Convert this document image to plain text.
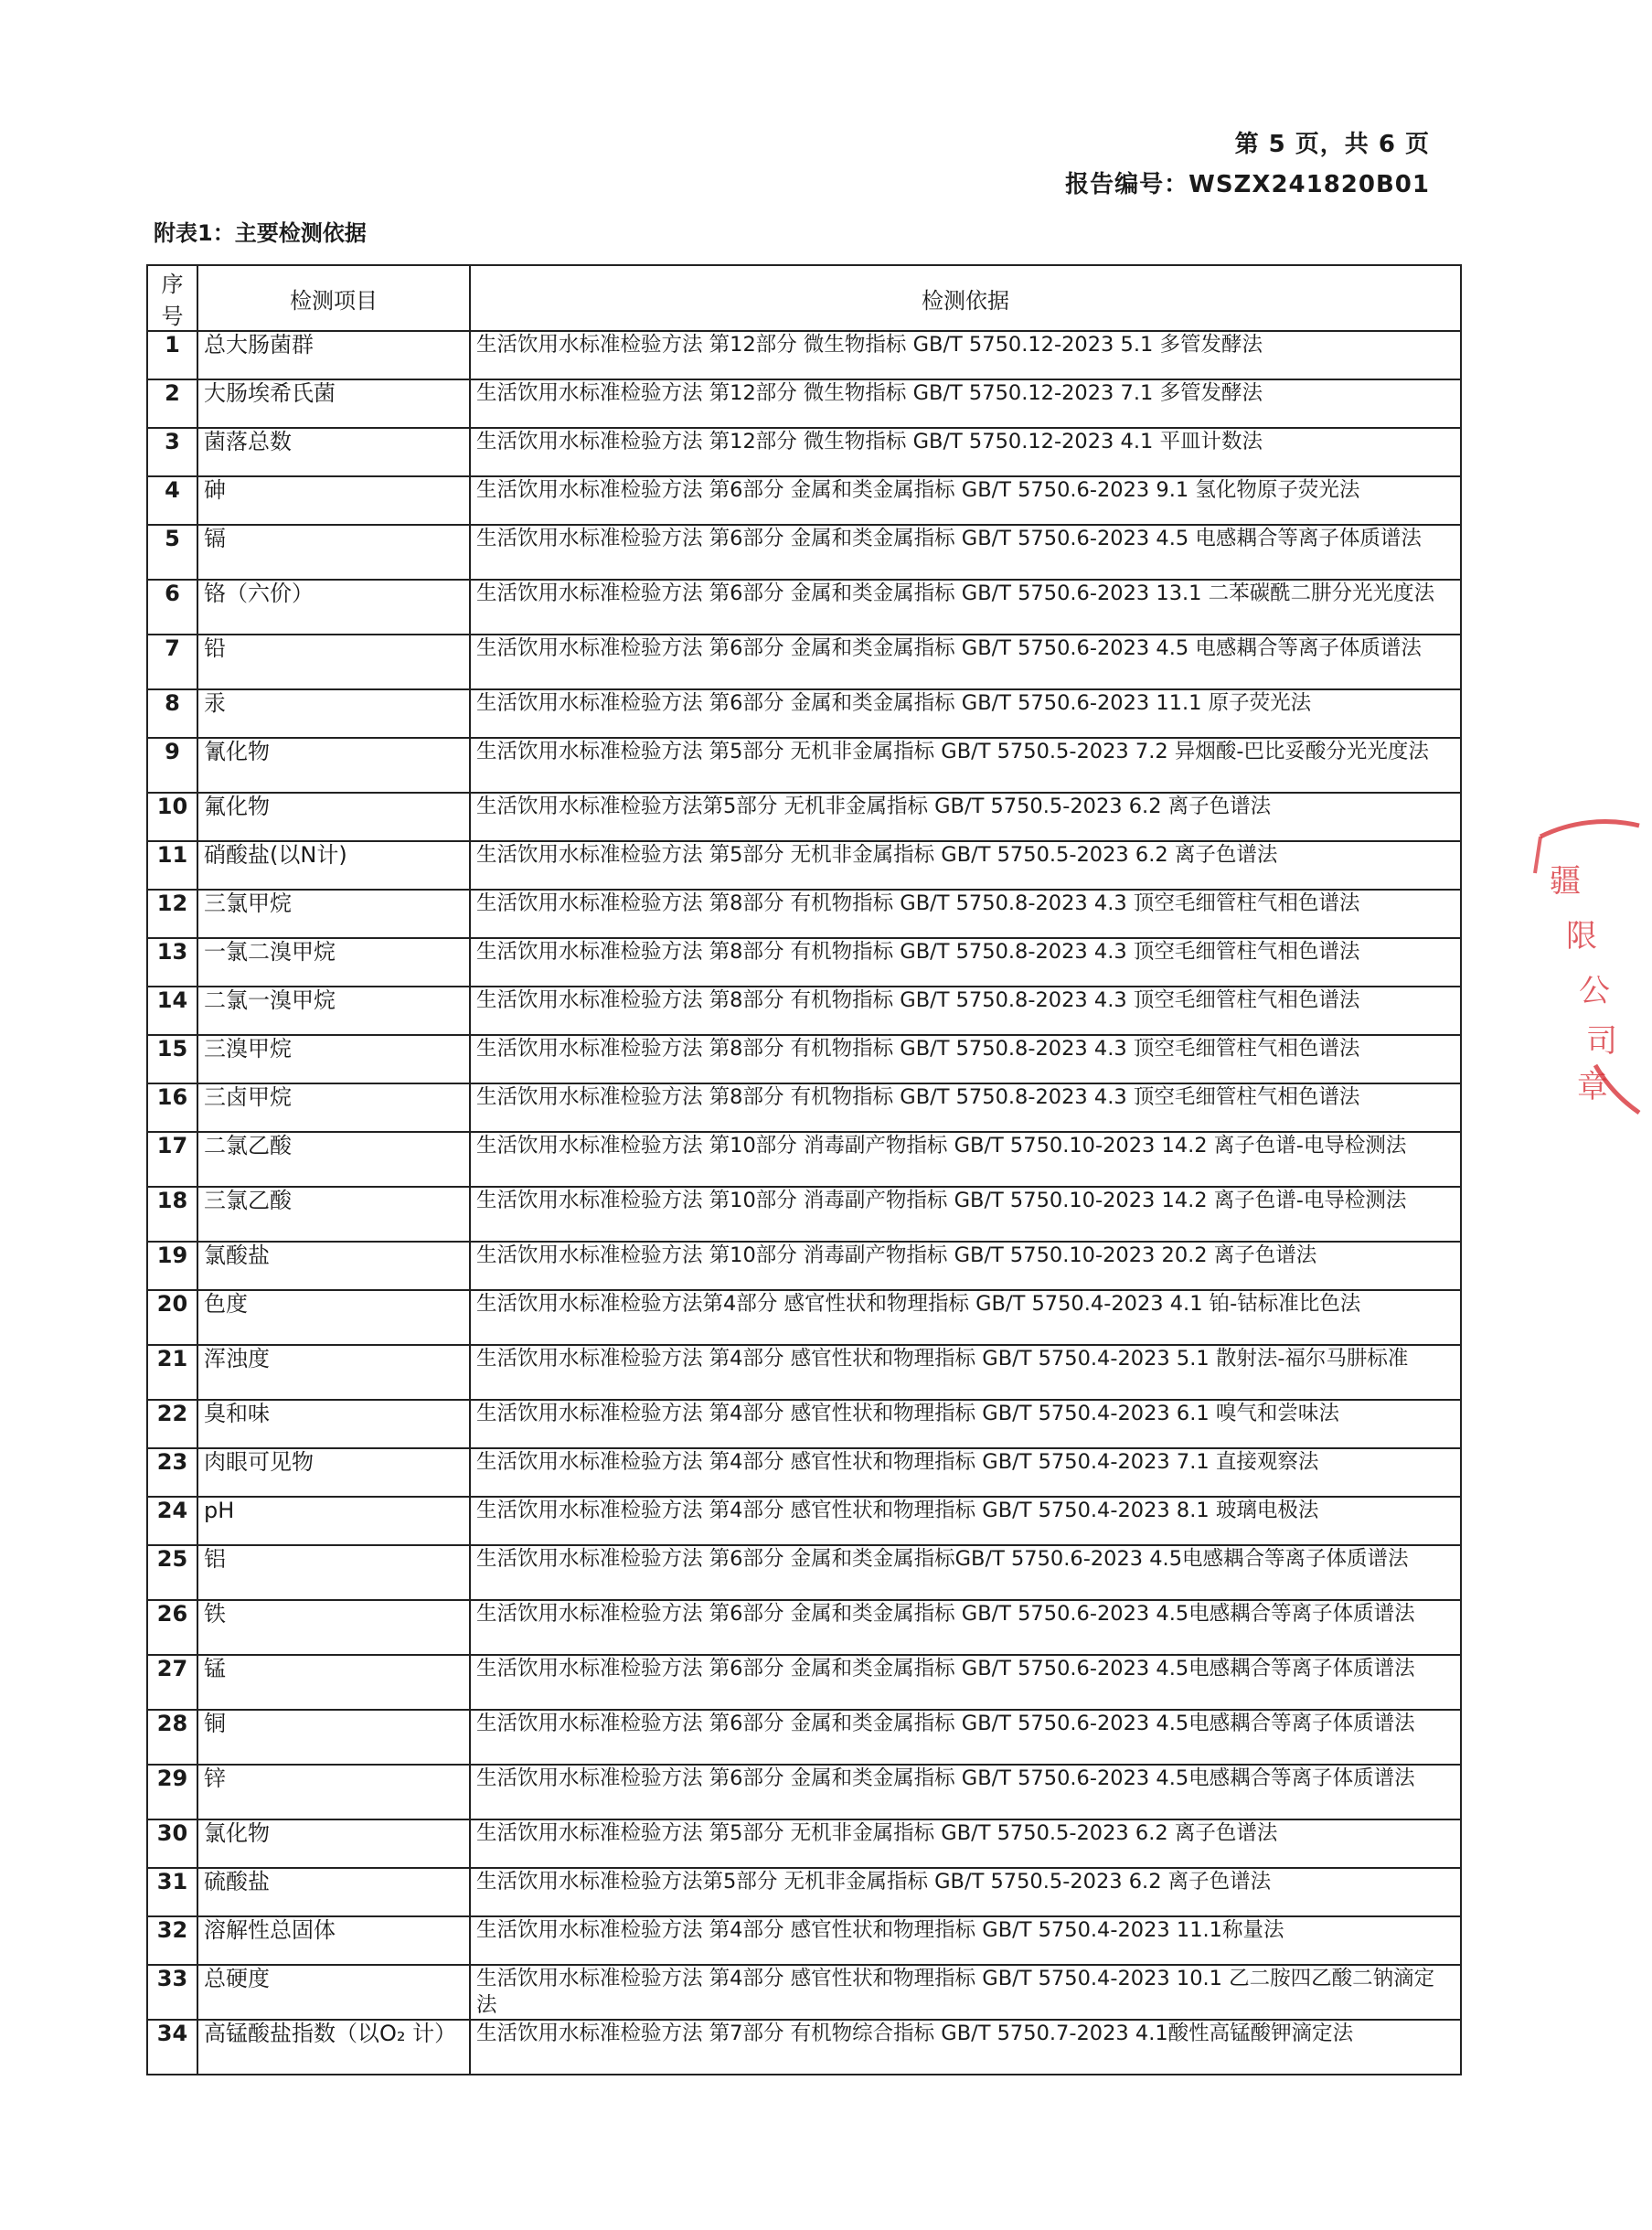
第 5 页，共 6 页
报告编号：WSZX241820B01
附表1：主要检测依据
序号	检测项目	检测依据
1	总大肠菌群	生活饮用水标准检验方法 第12部分 微生物指标 GB/T 5750.12-2023 5.1 多管发酵法
2	大肠埃希氏菌	生活饮用水标准检验方法 第12部分 微生物指标 GB/T 5750.12-2023 7.1 多管发酵法
3	菌落总数	生活饮用水标准检验方法 第12部分 微生物指标 GB/T 5750.12-2023 4.1 平皿计数法
4	砷	生活饮用水标准检验方法 第6部分 金属和类金属指标 GB/T 5750.6-2023 9.1 氢化物原子荧光法
5	镉	生活饮用水标准检验方法 第6部分 金属和类金属指标 GB/T 5750.6-2023 4.5 电感耦合等离子体质谱法
6	铬（六价）	生活饮用水标准检验方法 第6部分 金属和类金属指标 GB/T 5750.6-2023 13.1 二苯碳酰二肼分光光度法
7	铅	生活饮用水标准检验方法 第6部分 金属和类金属指标 GB/T 5750.6-2023 4.5 电感耦合等离子体质谱法
8	汞	生活饮用水标准检验方法 第6部分 金属和类金属指标 GB/T 5750.6-2023 11.1 原子荧光法
9	氰化物	生活饮用水标准检验方法 第5部分 无机非金属指标 GB/T 5750.5-2023 7.2 异烟酸-巴比妥酸分光光度法
10	氟化物	生活饮用水标准检验方法第5部分 无机非金属指标 GB/T 5750.5-2023 6.2 离子色谱法
11	硝酸盐(以N计)	生活饮用水标准检验方法 第5部分 无机非金属指标 GB/T 5750.5-2023 6.2 离子色谱法
12	三氯甲烷	生活饮用水标准检验方法 第8部分 有机物指标 GB/T 5750.8-2023 4.3 顶空毛细管柱气相色谱法
13	一氯二溴甲烷	生活饮用水标准检验方法 第8部分 有机物指标 GB/T 5750.8-2023 4.3 顶空毛细管柱气相色谱法
14	二氯一溴甲烷	生活饮用水标准检验方法 第8部分 有机物指标 GB/T 5750.8-2023 4.3 顶空毛细管柱气相色谱法
15	三溴甲烷	生活饮用水标准检验方法 第8部分 有机物指标 GB/T 5750.8-2023 4.3 顶空毛细管柱气相色谱法
16	三卤甲烷	生活饮用水标准检验方法 第8部分 有机物指标 GB/T 5750.8-2023 4.3 顶空毛细管柱气相色谱法
17	二氯乙酸	生活饮用水标准检验方法 第10部分 消毒副产物指标 GB/T 5750.10-2023 14.2 离子色谱-电导检测法
18	三氯乙酸	生活饮用水标准检验方法 第10部分 消毒副产物指标 GB/T 5750.10-2023 14.2 离子色谱-电导检测法
19	氯酸盐	生活饮用水标准检验方法 第10部分 消毒副产物指标 GB/T 5750.10-2023 20.2 离子色谱法
20	色度	生活饮用水标准检验方法第4部分 感官性状和物理指标 GB/T 5750.4-2023 4.1 铂-钴标准比色法
21	浑浊度	生活饮用水标准检验方法 第4部分 感官性状和物理指标 GB/T 5750.4-2023 5.1 散射法-福尔马肼标准
22	臭和味	生活饮用水标准检验方法 第4部分 感官性状和物理指标 GB/T 5750.4-2023 6.1 嗅气和尝味法
23	肉眼可见物	生活饮用水标准检验方法 第4部分 感官性状和物理指标 GB/T 5750.4-2023 7.1 直接观察法
24	pH	生活饮用水标准检验方法 第4部分 感官性状和物理指标 GB/T 5750.4-2023 8.1 玻璃电极法
25	铝	生活饮用水标准检验方法 第6部分 金属和类金属指标GB/T 5750.6-2023 4.5电感耦合等离子体质谱法
26	铁	生活饮用水标准检验方法 第6部分 金属和类金属指标 GB/T 5750.6-2023 4.5电感耦合等离子体质谱法
27	锰	生活饮用水标准检验方法 第6部分 金属和类金属指标 GB/T 5750.6-2023 4.5电感耦合等离子体质谱法
28	铜	生活饮用水标准检验方法 第6部分 金属和类金属指标 GB/T 5750.6-2023 4.5电感耦合等离子体质谱法
29	锌	生活饮用水标准检验方法 第6部分 金属和类金属指标 GB/T 5750.6-2023 4.5电感耦合等离子体质谱法
30	氯化物	生活饮用水标准检验方法 第5部分 无机非金属指标 GB/T 5750.5-2023 6.2 离子色谱法
31	硫酸盐	生活饮用水标准检验方法第5部分 无机非金属指标 GB/T 5750.5-2023 6.2 离子色谱法
32	溶解性总固体	生活饮用水标准检验方法 第4部分 感官性状和物理指标 GB/T 5750.4-2023 11.1称量法
33	总硬度	生活饮用水标准检验方法 第4部分 感官性状和物理指标 GB/T 5750.4-2023 10.1 乙二胺四乙酸二钠滴定法
34	高锰酸盐指数（以O₂ 计）	生活饮用水标准检验方法 第7部分 有机物综合指标 GB/T 5750.7-2023 4.1酸性高锰酸钾滴定法
疆
限
公
司
章
